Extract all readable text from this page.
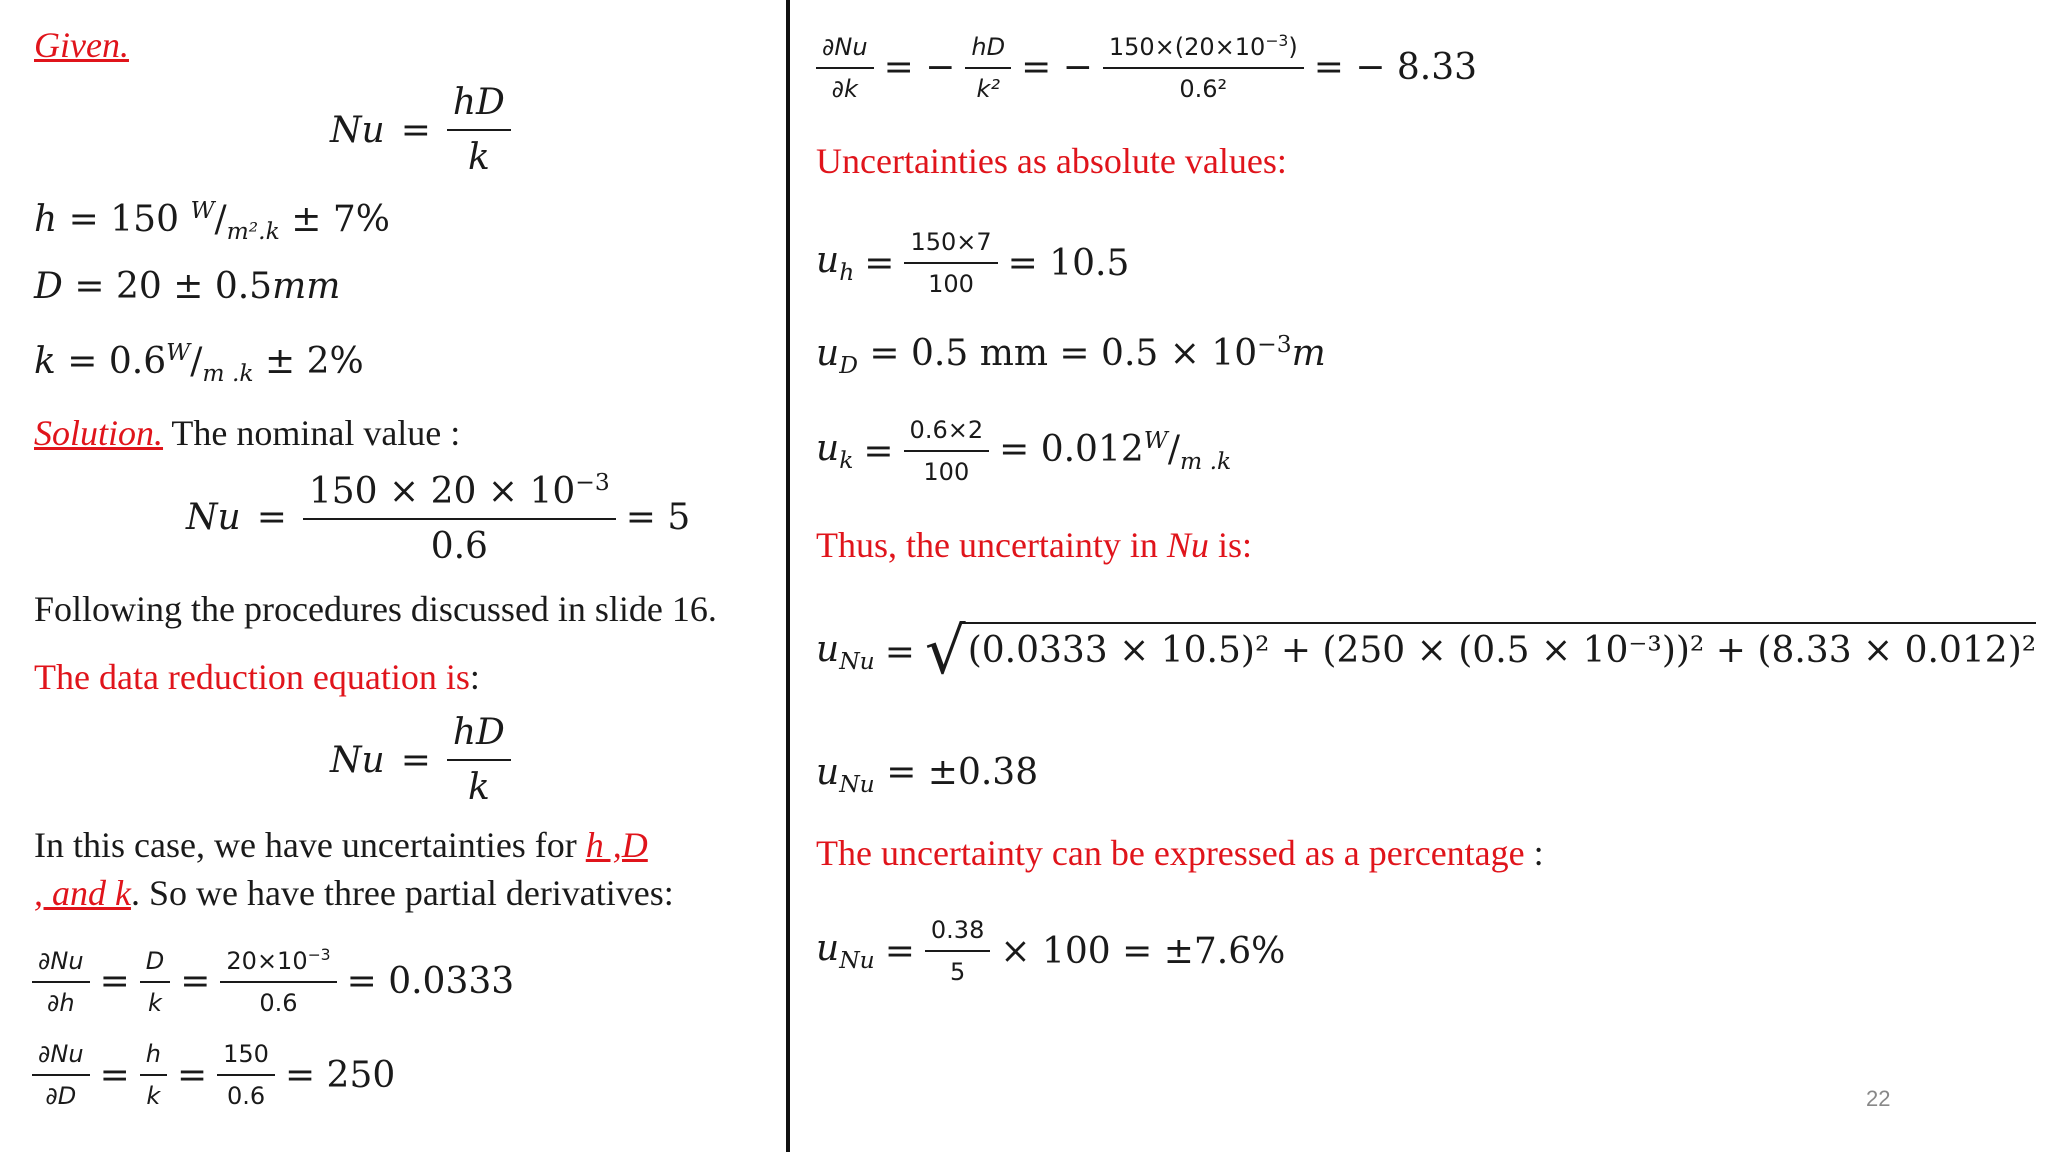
Given.
$Nu = \frac{hD}{k}$
h = 150 $^W/_{m^2.k} \pm 7\%$
D = 20 ± 0.5mm
$k = 0.6^W/_{m .k} \pm 2\%$
Solution. The nominal value :
$Nu = \frac{150 \times 20 \times 10^{-3}}{0.6} = 5$
Following the procedures discussed in slide 16.
The data reduction equation is:
$Nu = \frac{hD}{k}$
In this case, we have uncertainties for h ,D
, and k. So we have three partial derivatives:
$\frac{\partial Nu}{\partial h} = \frac{D}{k} = \frac{20\times 10^{-3}}{0.6} = 0.0333$
$\frac{\partial Nu}{\partial D} = \frac{h}{k} = \frac{150}{0.6} = 250$
$\frac{\partial Nu}{\partial k}$ = − $\frac{hD}{\text{k²}}$ = − $\frac{150\times(20\times 10^{-3})}{\text{0.6²}}$ = − 8.33
Uncertainties as absolute values:
$u_h = \frac{150\times 7}{100} = 10.5$
$u_D = 0.5$ mm = $0.5 \times 10^{-3}m$
$u_k = \frac{0.6\times 2}{100} = 0.012^W/_{m .k}$
Thus, the uncertainty in Nu is:
$u_{Nu}$ = √ (0.0333 × 10.5)² + (250 × (0.5 × 10⁻³))² + (8.33 × 0.012)²
$u_{Nu} = \pm 0.38$
The uncertainty can be expressed as a percentage :
$u_{Nu} = \frac{0.38}{5} \times 100 = \pm 7.6\%$
22
